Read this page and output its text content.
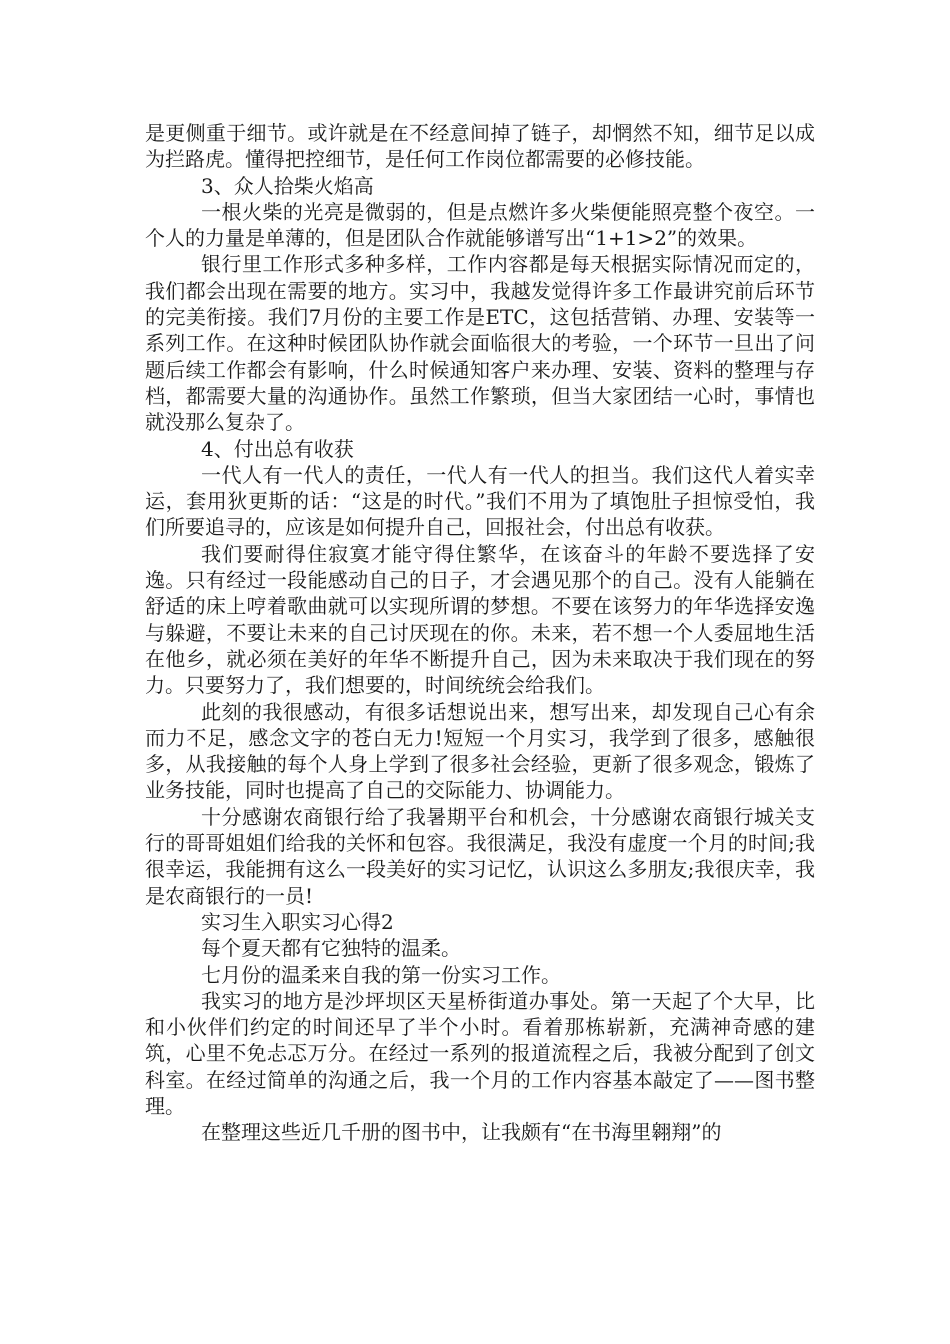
是更侧重于细节。或许就是在不经意间掉了链子，却惘然不知，细节足以成为拦路虎。懂得把控细节，是任何工作岗位都需要的必修技能。

3、众人拾柴火焰高

一根火柴的光亮是微弱的，但是点燃许多火柴便能照亮整个夜空。一个人的力量是单薄的，但是团队合作就能够谱写出“1+1>2”的效果。

银行里工作形式多种多样，工作内容都是每天根据实际情况而定的，我们都会出现在需要的地方。实习中，我越发觉得许多工作最讲究前后环节的完美衔接。我们7月份的主要工作是ETC，这包括营销、办理、安装等一系列工作。在这种时候团队协作就会面临很大的考验，一个环节一旦出了问题后续工作都会有影响，什么时候通知客户来办理、安装、资料的整理与存档，都需要大量的沟通协作。虽然工作繁琐，但当大家团结一心时，事情也就没那么复杂了。

4、付出总有收获

一代人有一代人的责任，一代人有一代人的担当。我们这代人着实幸运，套用狄更斯的话：“这是的时代。”我们不用为了填饱肚子担惊受怕，我们所要追寻的，应该是如何提升自己，回报社会，付出总有收获。

我们要耐得住寂寞才能守得住繁华，在该奋斗的年龄不要选择了安逸。只有经过一段能感动自己的日子，才会遇见那个的自己。没有人能躺在舒适的床上哼着歌曲就可以实现所谓的梦想。不要在该努力的年华选择安逸与躲避，不要让未来的自己讨厌现在的你。未来，若不想一个人委屈地生活在他乡，就必须在美好的年华不断提升自己，因为未来取决于我们现在的努力。只要努力了，我们想要的，时间统统会给我们。

此刻的我很感动，有很多话想说出来，想写出来，却发现自己心有余而力不足，感念文字的苍白无力!短短一个月实习，我学到了很多，感触很多，从我接触的每个人身上学到了很多社会经验，更新了很多观念，锻炼了业务技能，同时也提高了自己的交际能力、协调能力。

十分感谢农商银行给了我暑期平台和机会，十分感谢农商银行城关支行的哥哥姐姐们给我的关怀和包容。我很满足，我没有虚度一个月的时间;我很幸运，我能拥有这么一段美好的实习记忆，认识这么多朋友;我很庆幸，我是农商银行的一员!

实习生入职实习心得2

每个夏天都有它独特的温柔。

七月份的温柔来自我的第一份实习工作。

我实习的地方是沙坪坝区天星桥街道办事处。第一天起了个大早，比和小伙伴们约定的时间还早了半个小时。看着那栋崭新，充满神奇感的建筑，心里不免忐忑万分。在经过一系列的报道流程之后，我被分配到了创文科室。在经过简单的沟通之后，我一个月的工作内容基本敲定了——图书整理。

在整理这些近几千册的图书中，让我颇有“在书海里翱翔”的
